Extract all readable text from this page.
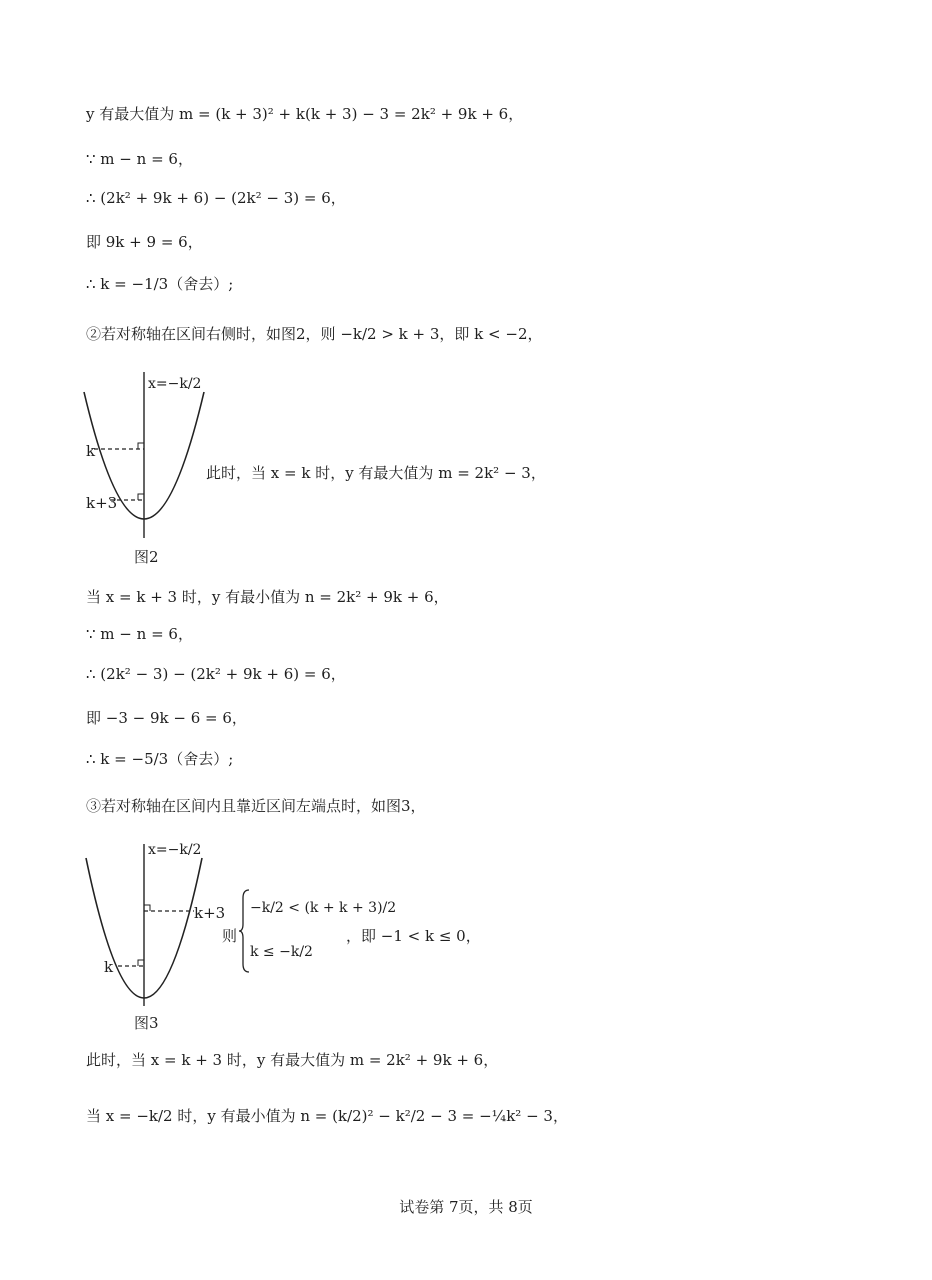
y 有最大值为 m = (k + 3)² + k(k + 3) − 3 = 2k² + 9k + 6，
∵ m − n = 6，
∴ (2k² + 9k + 6) − (2k² − 3) = 6，
即 9k + 9 = 6，
∴ k = −1/3（舍去）;
②若对称轴在区间右侧时，如图2，则 −k/2 > k + 3，即 k < −2，
x=−k/2
k
k+3
图2
此时，当 x = k 时，y 有最大值为 m = 2k² − 3，
当 x = k + 3 时，y 有最小值为 n = 2k² + 9k + 6，
∵ m − n = 6，
∴ (2k² − 3) − (2k² + 9k + 6) = 6，
即 −3 − 9k − 6 = 6，
∴ k = −5/3（舍去）;
③若对称轴在区间内且靠近区间左端点时，如图3，
x=−k/2
k+3
k
图3
则
−k/2 < (k + k + 3)/2
k ≤ −k/2
，即 −1 < k ≤ 0，
此时，当 x = k + 3 时，y 有最大值为 m = 2k² + 9k + 6，
当 x = −k/2 时，y 有最小值为 n = (k/2)² − k²/2 − 3 = −¼k² − 3，
试卷第 7页，共 8页
